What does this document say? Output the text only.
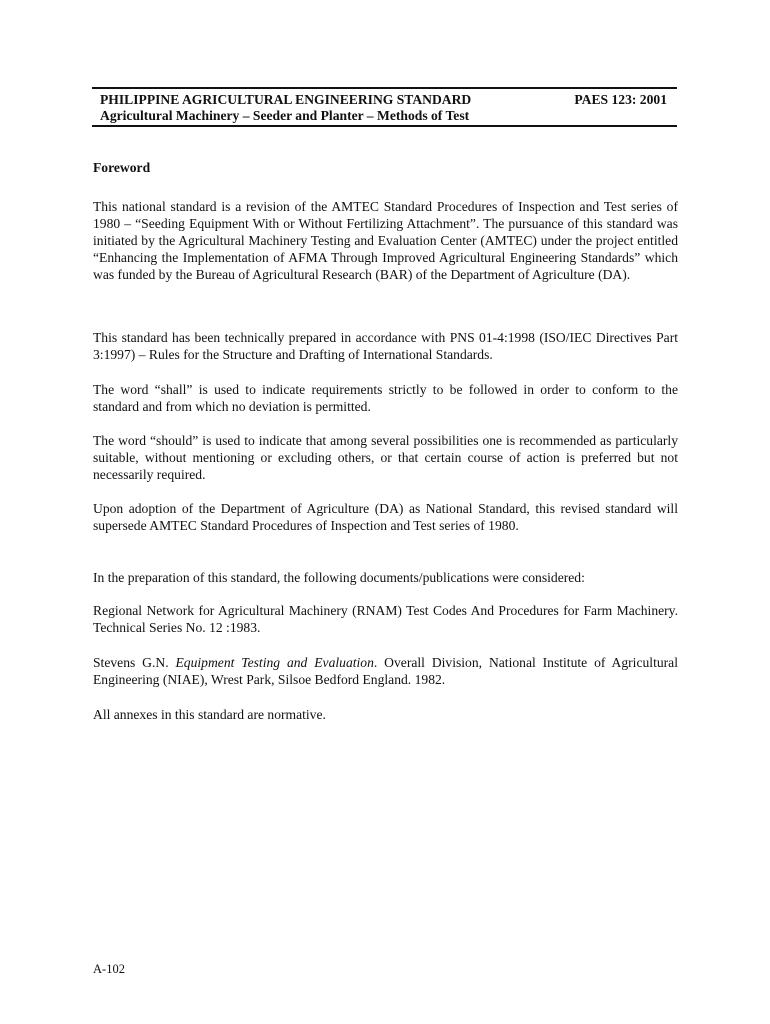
PHILIPPINE AGRICULTURAL ENGINEERING STANDARD	PAES 123: 2001
Agricultural Machinery – Seeder and Planter – Methods of Test
Foreword

This national standard is a revision of the AMTEC Standard Procedures of Inspection and Test series of 1980 – “Seeding Equipment With or Without Fertilizing Attachment”. The pursuance of this standard was initiated by the Agricultural Machinery Testing and Evaluation Center (AMTEC) under the project entitled “Enhancing the Implementation of AFMA Through Improved Agricultural Engineering Standards” which was funded by the Bureau of Agricultural Research (BAR) of the Department of Agriculture (DA).

This standard has been technically prepared in accordance with PNS 01-4:1998 (ISO/IEC Directives Part 3:1997) – Rules for the Structure and Drafting of International Standards.

The word “shall” is used to indicate requirements strictly to be followed in order to conform to the standard and from which no deviation is permitted.

The word “should” is used to indicate that among several possibilities one is recommended as particularly suitable, without mentioning or excluding others, or that certain course of action is preferred but not necessarily required.

Upon adoption of the Department of Agriculture (DA) as National Standard, this revised standard will supersede AMTEC Standard Procedures of Inspection and Test series of 1980.

In the preparation of this standard, the following documents/publications were considered:

Regional Network for Agricultural Machinery (RNAM) Test Codes And Procedures for Farm Machinery. Technical Series No. 12 :1983.

Stevens G.N. Equipment Testing and Evaluation. Overall Division, National Institute of Agricultural Engineering (NIAE), Wrest Park, Silsoe Bedford England. 1982.

All annexes in this standard are normative.

A-102
